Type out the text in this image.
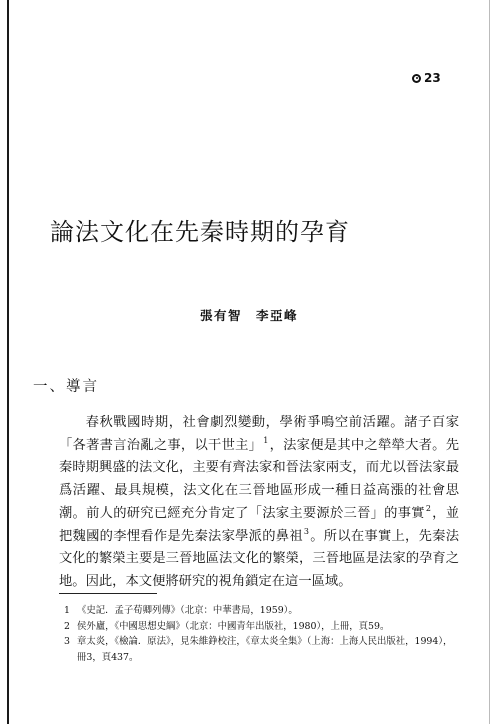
23
論法文化在先秦時期的孕育
張有智 李亞峰
一、導言

春秋戰國時期，社會劇烈變動，學術爭鳴空前活躍。諸子百家「各著書言治亂之事，以干世主」$^1$，法家便是其中之犖犖大者。先秦時期興盛的法文化，主要有齊法家和晉法家兩支，而尤以晉法家最爲活躍、最具規模，法文化在三晉地區形成一種日益高漲的社會思潮。前人的研究已經充分肯定了「法家主要源於三晉」的事實$^2$，並把魏國的李悝看作是先秦法家學派的鼻祖$^3$。所以在事實上，先秦法文化的繁榮主要是三晉地區法文化的繁榮，三晉地區是法家的孕育之地。因此，本文便將研究的視角鎖定在這一區域。

1 《史記．孟子荀卿列傳》（北京：中華書局，1959）。
2 侯外廬，《中國思想史綱》（北京：中國青年出版社，1980），上冊，頁59。
3 章太炎，《檢論．原法》，見朱維錚校注，《章太炎全集》（上海：上海人民出版社，1994），冊3，頁437。
